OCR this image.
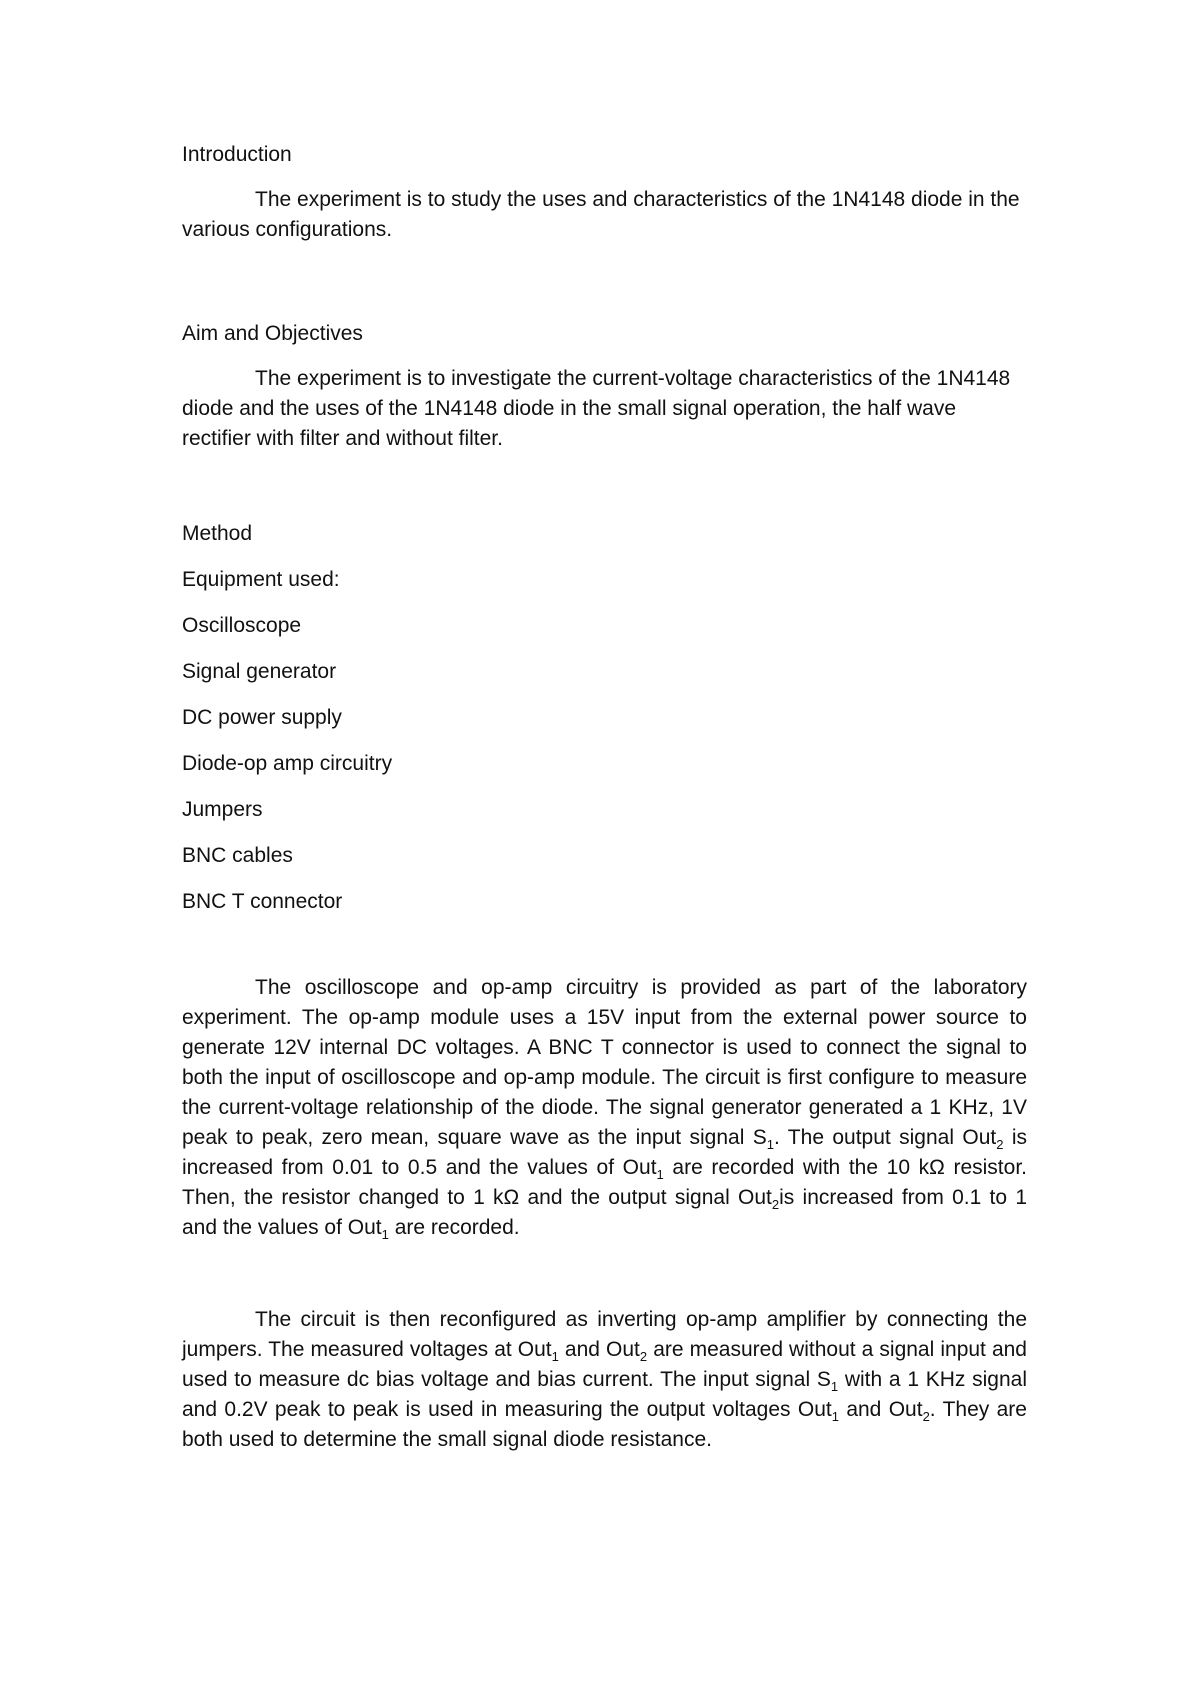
Introduction

The experiment is to study the uses and characteristics of the 1N4148 diode in the various configurations.

Aim and Objectives

The experiment is to investigate the current-voltage characteristics of the 1N4148 diode and the uses of the 1N4148 diode in the small signal operation, the half wave rectifier with filter and without filter.

Method

Equipment used:

Oscilloscope
Signal generator
DC power supply
Diode-op amp circuitry
Jumpers
BNC cables
BNC T connector

The oscilloscope and op-amp circuitry is provided as part of the laboratory experiment. The op-amp module uses a 15V input from the external power source to generate 12V internal DC voltages. A BNC T connector is used to connect the signal to both the input of oscilloscope and op-amp module. The circuit is first configure to measure the current-voltage relationship of the diode. The signal generator generated a 1 KHz, 1V peak to peak, zero mean, square wave as the input signal $S_1$. The output signal Out$_2$ is increased from 0.01 to 0.5 and the values of Out$_1$ are recorded with the 10 kΩ resistor. Then, the resistor changed to 1 kΩ and the output signal Out$_2$is increased from 0.1 to 1 and the values of Out$_1$ are recorded.

The circuit is then reconfigured as inverting op-amp amplifier by connecting the jumpers. The measured voltages at Out$_1$ and Out$_2$ are measured without a signal input and used to measure dc bias voltage and bias current. The input signal $S_1$ with a 1 KHz signal and 0.2V peak to peak is used in measuring the output voltages Out$_1$ and Out$_2$. They are both used to determine the small signal diode resistance.
